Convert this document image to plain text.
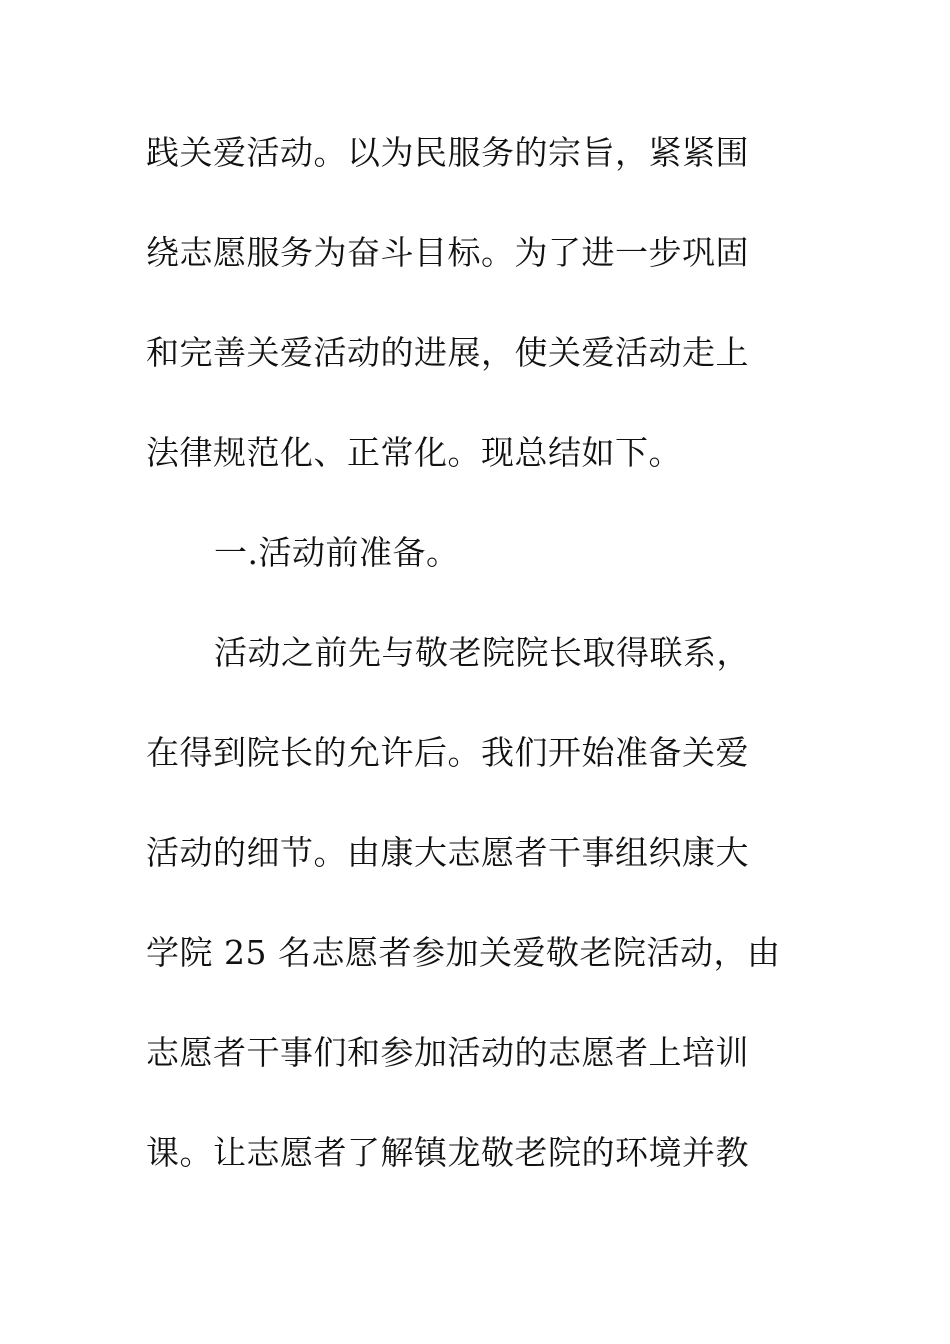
践关爱活动。以为民服务的宗旨，紧紧围
绕志愿服务为奋斗目标。为了进一步巩固
和完善关爱活动的进展，使关爱活动走上
法律规范化、正常化。现总结如下。
一.活动前准备。
活动之前先与敬老院院长取得联系，
在得到院长的允许后。我们开始准备关爱
活动的细节。由康大志愿者干事组织康大
学院 25 名志愿者参加关爱敬老院活动，由
志愿者干事们和参加活动的志愿者上培训
课。让志愿者了解镇龙敬老院的环境并教
